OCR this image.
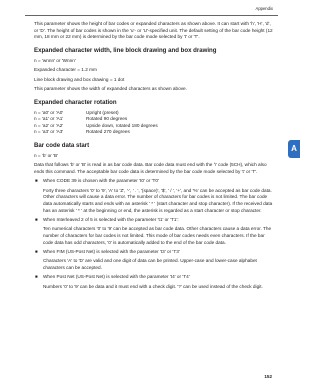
Appendix
A

This parameter shows the height of bar codes or expanded characters as shown above. It can start with 'h', 'H', 'd', or 'D'. The height of bar codes is shown in the 'u'- or 'U'-specified unit. The default setting of the bar code height (12 mm, 18 mm or 22 mm) is determined by the bar code mode selected by 't' or 'T'.

Expanded character width, line block drawing and box drawing

n = 'wnnn' or 'Wnnn'

Expanded character = 1.2 mm

Line block drawing and box drawing = 1 dot

This parameter shows the width of expanded characters as shown above.

Expanded character rotation
n = 'a0' or 'A0'	Upright (preset)
n = 'a1' or 'A1'	Rotated 90 degrees
n = 'a2' or 'A2'	Upside down, rotated 180 degrees
n = 'a3' or 'A3'	Rotated 270 degrees
Bar code data start

n = 'b' or 'B'

Data that follows 'b' or 'B' is read in as bar code data. Bar code data must end with the '\' code (5CH), which also ends this command. The acceptable bar code data is determined by the bar code mode selected by 't' or 'T'.

■ When CODE 39 is chosen with the parameter 't0' or 'T0'
Forty three characters '0' to '9', 'A' to 'Z', '-', ' . ', '(space)', '$', ' / ', '+', and '%' can be accepted as bar code data. Other characters will cause a data error. The number of characters for bar codes is not limited. The bar code data automatically starts and ends with an asterisk ' * ' (start character and stop character). If the received data has an asterisk ' * ' at the beginning or end, the asterisk is regarded as a start character or stop character.
■ When Interleaved 2 of 5 is selected with the parameter 't1' or 'T1':
Ten numerical characters '0' to '9' can be accepted as bar code data. Other characters cause a data error. The number of characters for bar codes is not limited. This mode of bar codes needs even characters. If the bar code data has odd characters, '0' is automatically added to the end of the bar code data.
■ When FIM (US-Post Net) is selected with the parameter 't3' or 'T3'
Characters 'A' to 'D' are valid and one digit of data can be printed. Upper-case and lower-case alphabet characters can be accepted.
■ When Post Net (US-Post Net) is selected with the parameter 't4' or 'T4'
Numbers '0' to '9' can be data and it must end with a check digit. '?' can be used instead of the check digit.
152
